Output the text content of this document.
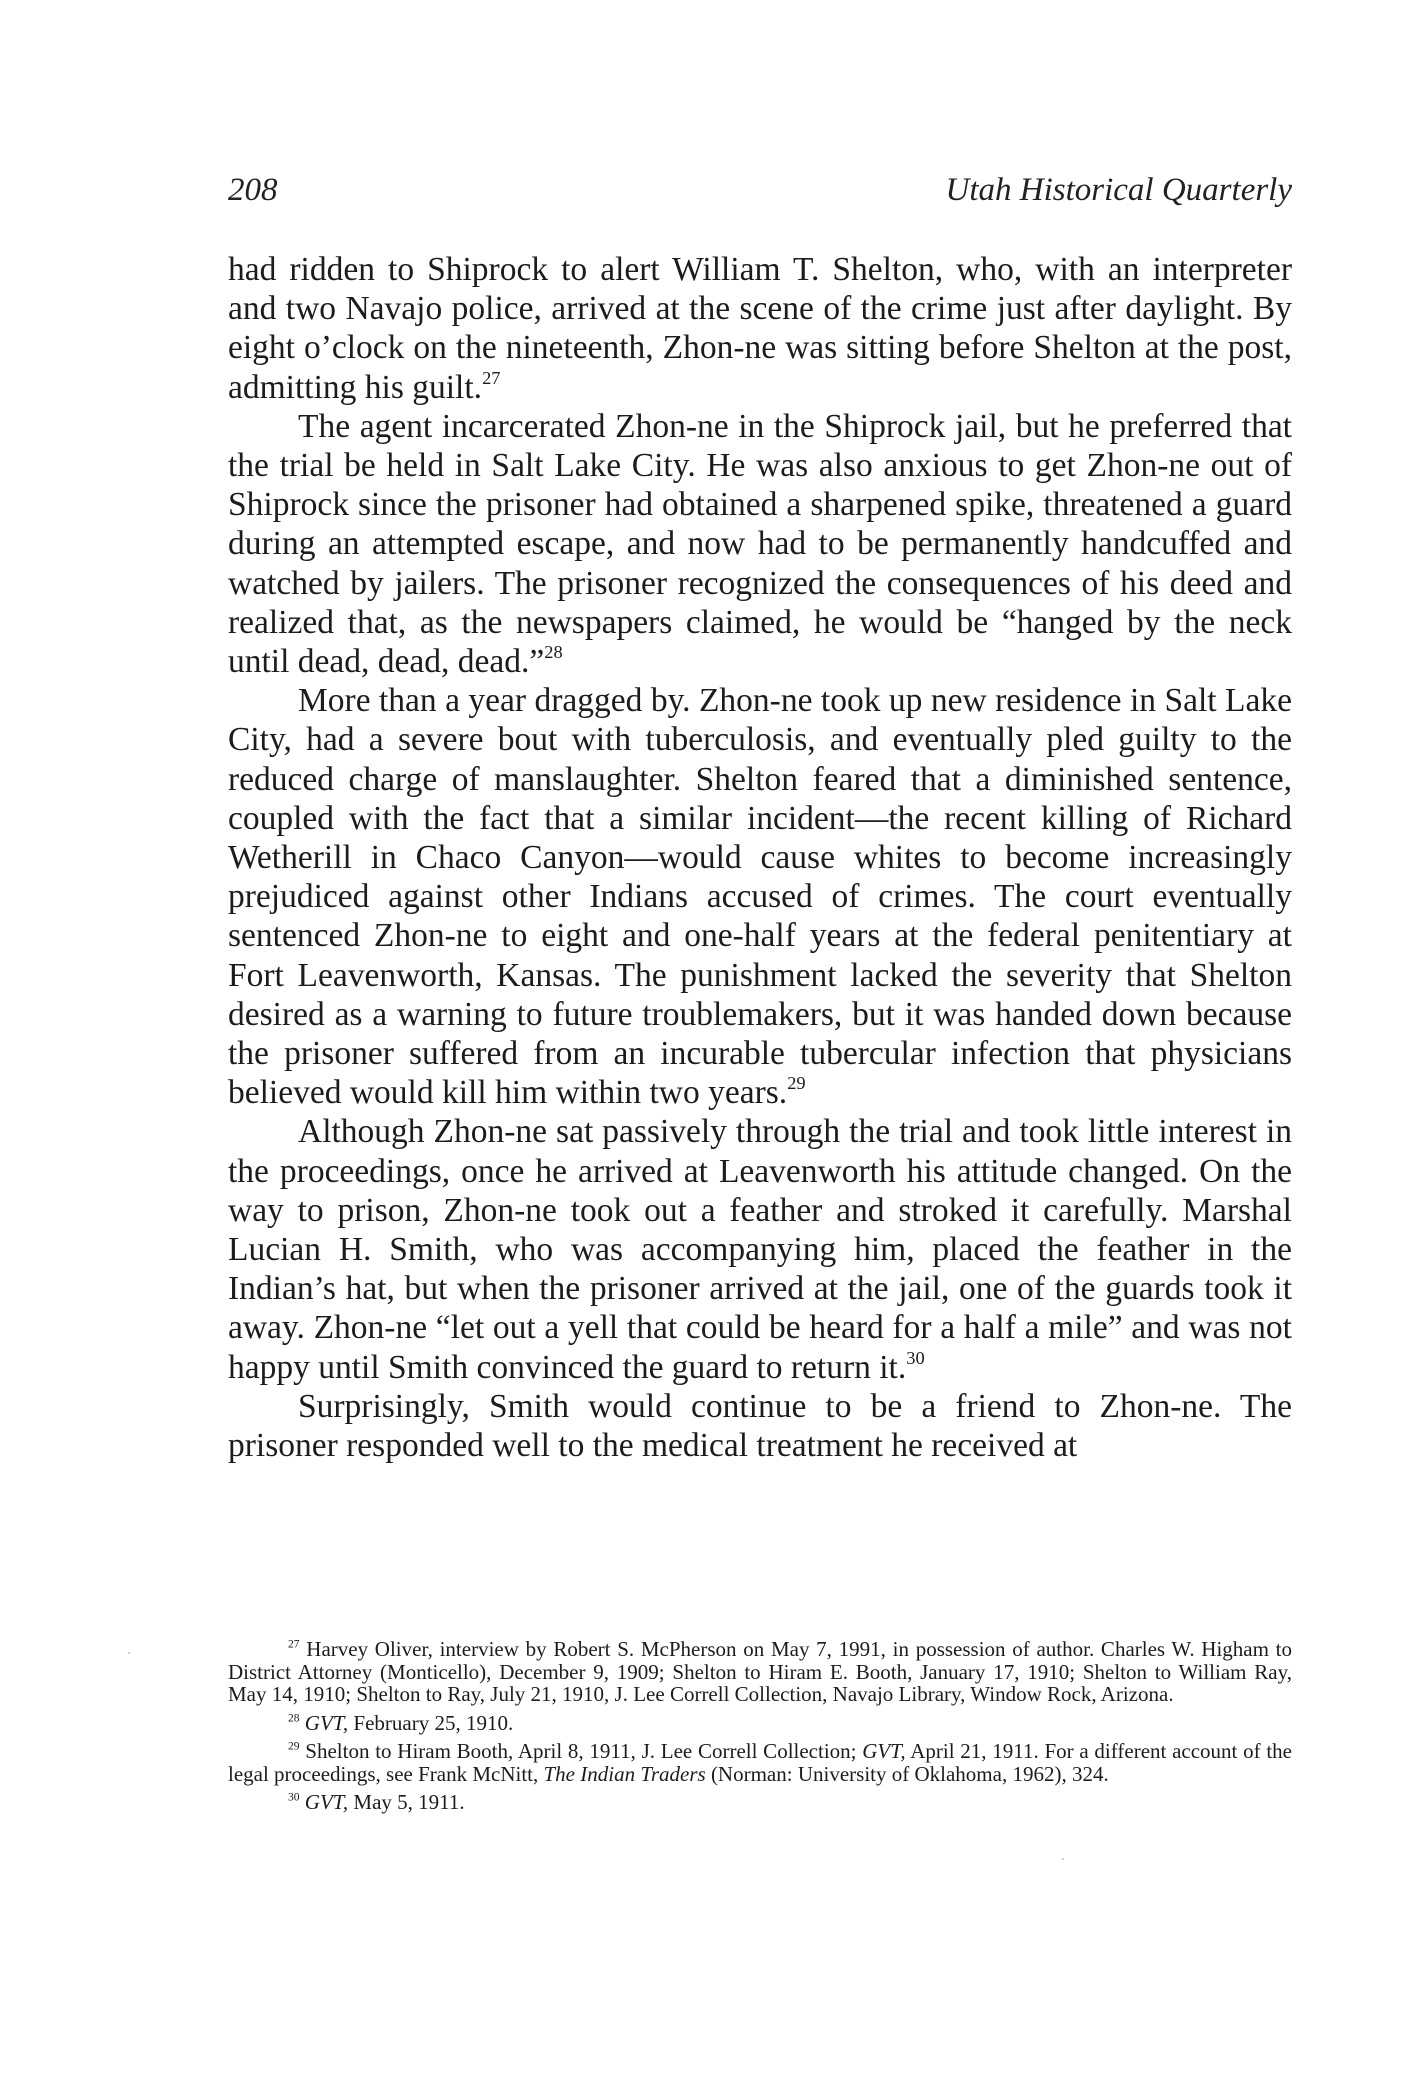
208	Utah Historical Quarterly

had ridden to Shiprock to alert William T. Shelton, who, with an interpreter and two Navajo police, arrived at the scene of the crime just after daylight. By eight o’clock on the nineteenth, Zhon-ne was sitting before Shelton at the post, admitting his guilt.$^{27}$

The agent incarcerated Zhon-ne in the Shiprock jail, but he preferred that the trial be held in Salt Lake City. He was also anxious to get Zhon-ne out of Shiprock since the prisoner had obtained a sharpened spike, threatened a guard during an attempted escape, and now had to be permanently handcuffed and watched by jailers. The prisoner recognized the consequences of his deed and realized that, as the newspapers claimed, he would be “hanged by the neck until dead, dead, dead.”$^{28}$

More than a year dragged by. Zhon-ne took up new residence in Salt Lake City, had a severe bout with tuberculosis, and eventually pled guilty to the reduced charge of manslaughter. Shelton feared that a diminished sentence, coupled with the fact that a similar incident—the recent killing of Richard Wetherill in Chaco Canyon—would cause whites to become increasingly prejudiced against other Indians accused of crimes. The court eventually sentenced Zhon-ne to eight and one-half years at the federal penitentiary at Fort Leavenworth, Kansas. The punishment lacked the severity that Shelton desired as a warning to future troublemakers, but it was handed down because the prisoner suffered from an incurable tubercular infection that physicians believed would kill him within two years.$^{29}$

Although Zhon-ne sat passively through the trial and took little interest in the proceedings, once he arrived at Leavenworth his attitude changed. On the way to prison, Zhon-ne took out a feather and stroked it carefully. Marshal Lucian H. Smith, who was accompanying him, placed the feather in the Indian’s hat, but when the prisoner arrived at the jail, one of the guards took it away. Zhon-ne “let out a yell that could be heard for a half a mile” and was not happy until Smith convinced the guard to return it.$^{30}$

Surprisingly, Smith would continue to be a friend to Zhon-ne. The prisoner responded well to the medical treatment he received at

$^{27}$ Harvey Oliver, interview by Robert S. McPherson on May 7, 1991, in possession of author. Charles W. Higham to District Attorney (Monticello), December 9, 1909; Shelton to Hiram E. Booth, January 17, 1910; Shelton to William Ray, May 14, 1910; Shelton to Ray, July 21, 1910, J. Lee Correll Collection, Navajo Library, Window Rock, Arizona.

$^{28}$ GVT, February 25, 1910.

$^{29}$ Shelton to Hiram Booth, April 8, 1911, J. Lee Correll Collection; GVT, April 21, 1911. For a different account of the legal proceedings, see Frank McNitt, The Indian Traders (Norman: University of Oklahoma, 1962), 324.

$^{30}$ GVT, May 5, 1911.
